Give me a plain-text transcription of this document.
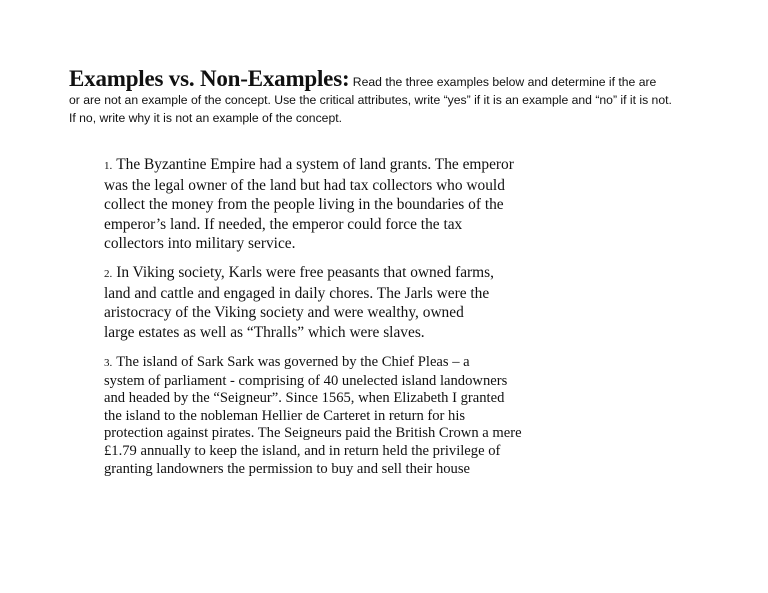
Examples vs. Non-Examples: Read the three examples below and determine if the are
or are not an example of the concept. Use the critical attributes, write “yes” if it is an example and “no” if it is not.
If no, write why it is not an example of the concept.
1. The Byzantine Empire had a system of land grants. The emperor
was the legal owner of the land but had tax collectors who would
collect the money from the people living in the boundaries of the
emperor’s land. If needed, the emperor could force the tax
collectors into military service.
2. In Viking society, Karls were free peasants that owned farms,
land and cattle and engaged in daily chores. The Jarls were the
aristocracy of the Viking society and were wealthy, owned
large estates as well as “Thralls” which were slaves.
3. The island of Sark Sark was governed by the Chief Pleas – a
system of parliament - comprising of 40 unelected island landowners
and headed by the “Seigneur”. Since 1565, when Elizabeth I granted
the island to the nobleman Hellier de Carteret in return for his
protection against pirates. The Seigneurs paid the British Crown a mere
£1.79 annually to keep the island, and in return held the privilege of
granting landowners the permission to buy and sell their house
